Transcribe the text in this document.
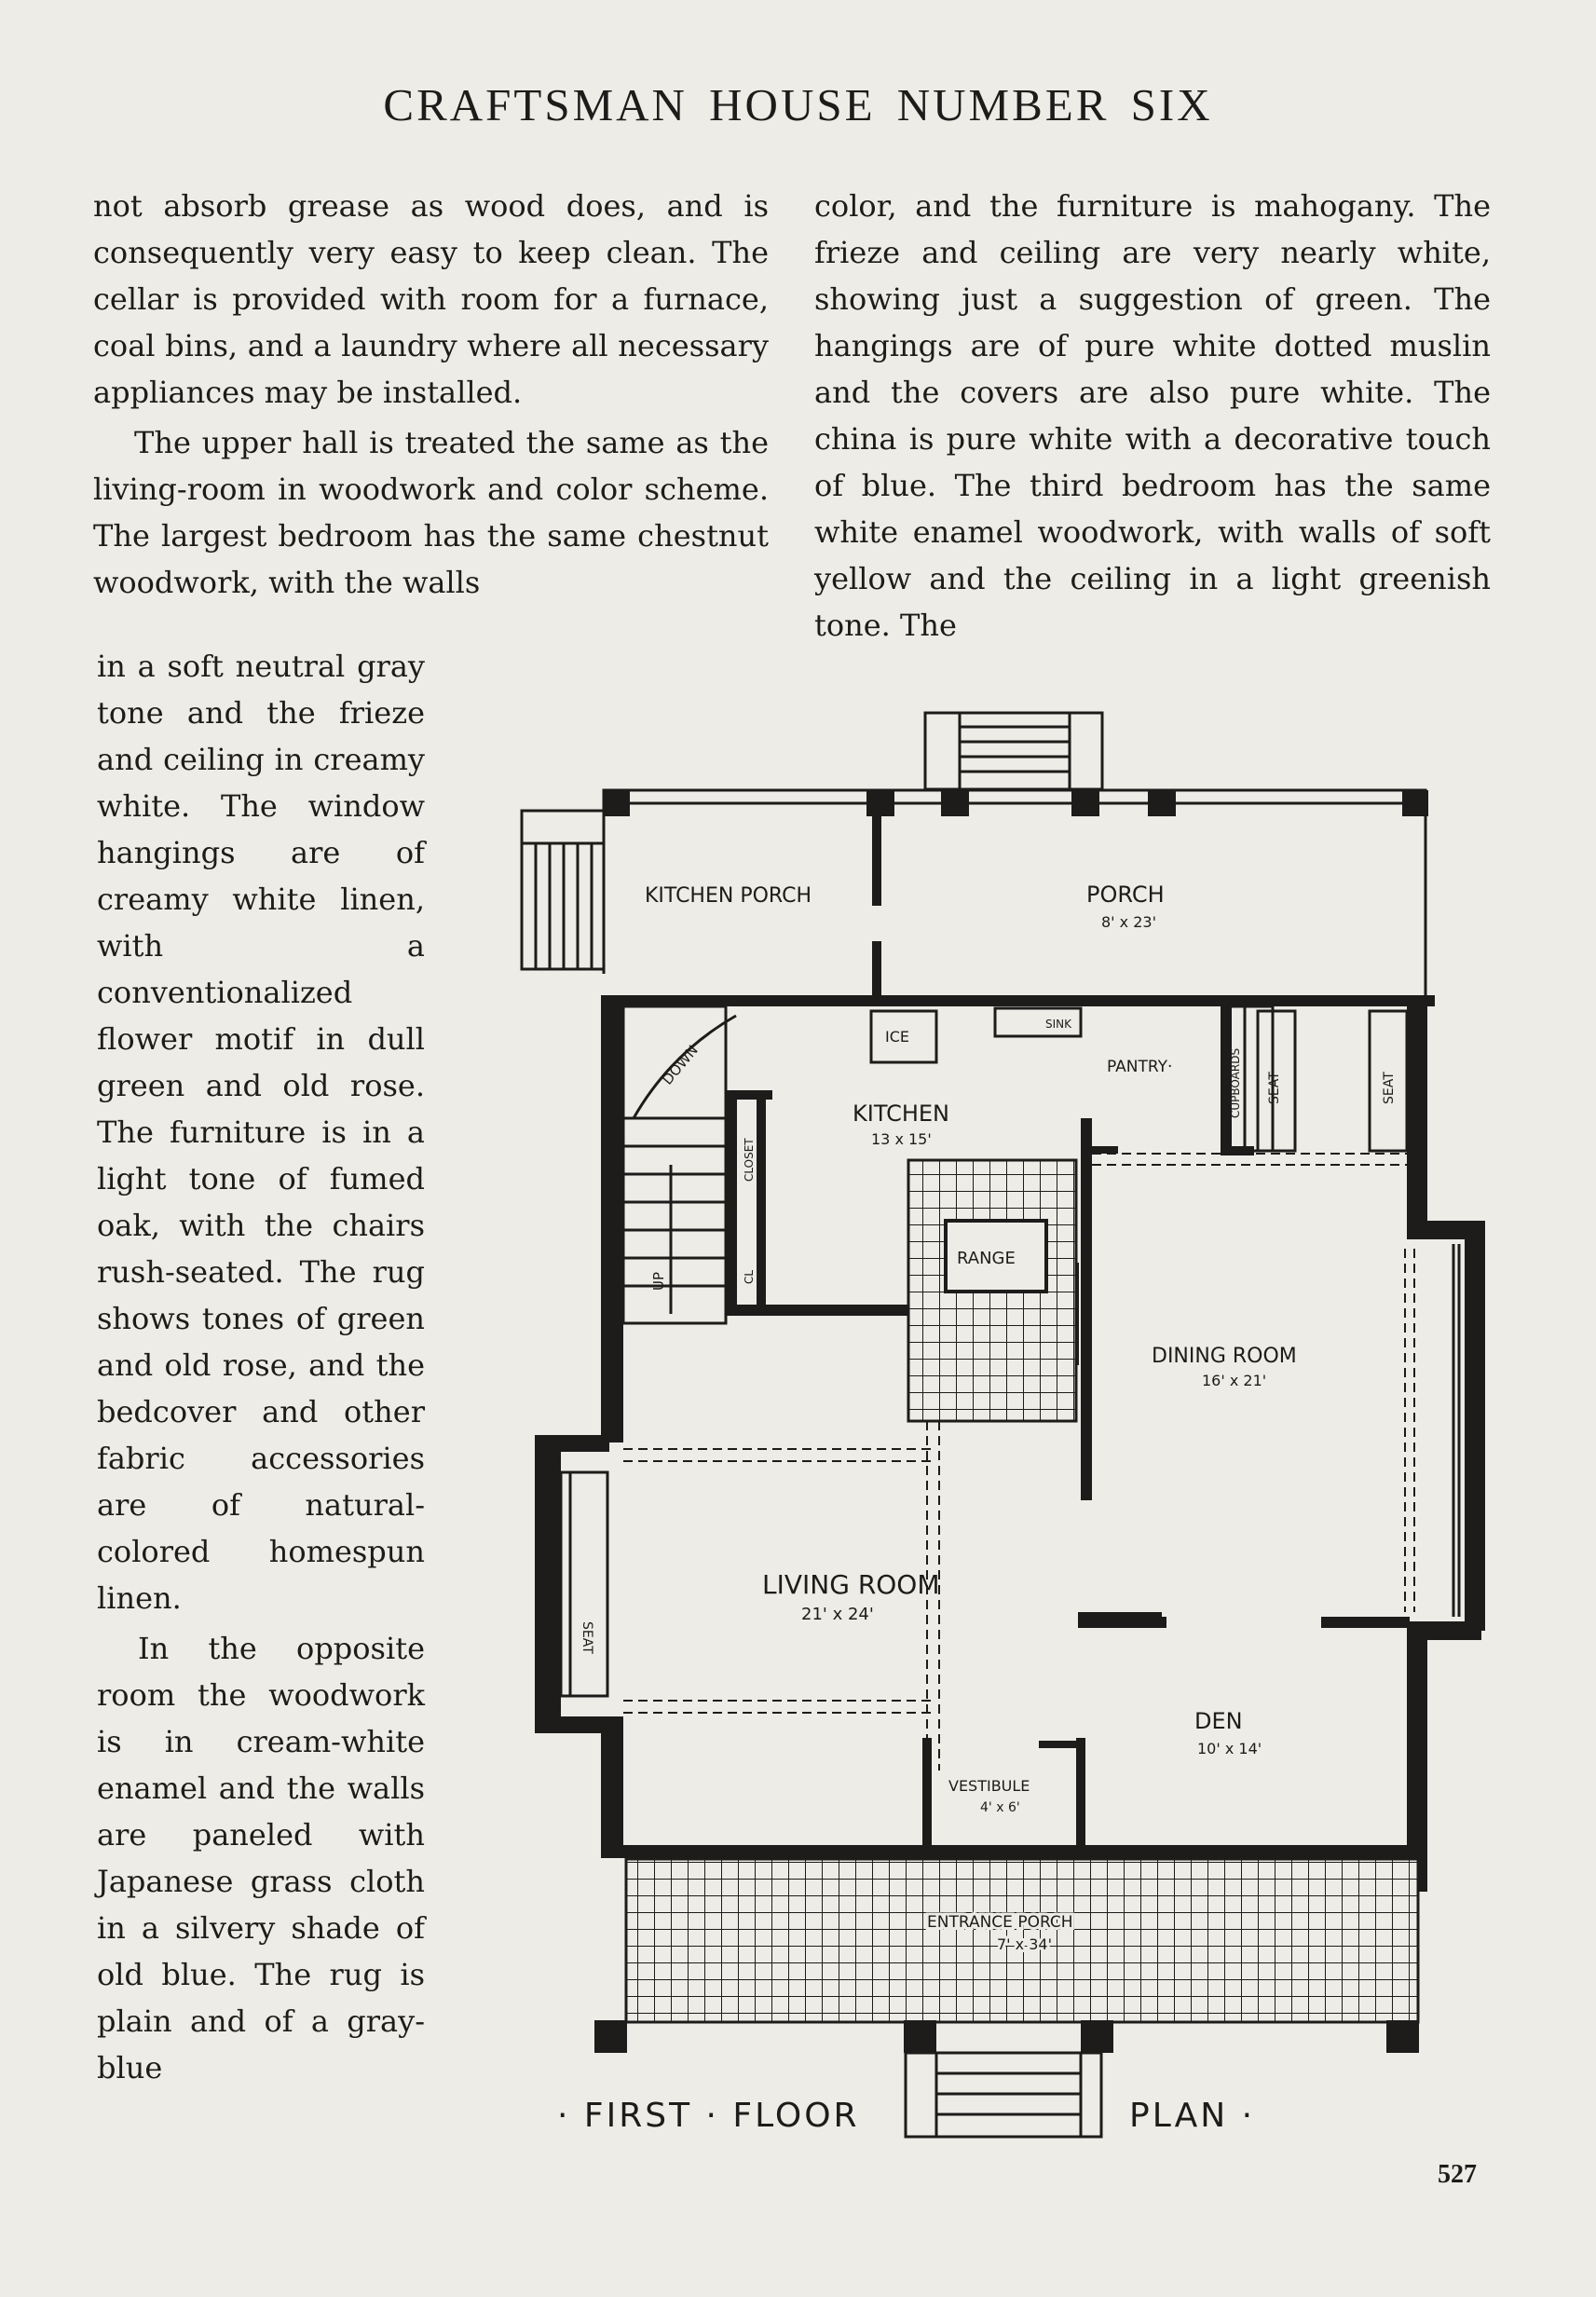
CRAFTSMAN HOUSE NUMBER SIX

not absorb grease as wood does, and is consequently very easy to keep clean. The cellar is provided with room for a furnace, coal bins, and a laundry where all necessary appliances may be installed.

The upper hall is treated the same as the living-room in woodwork and color scheme. The largest bedroom has the same chestnut woodwork, with the walls

color, and the furniture is mahogany. The frieze and ceiling are very nearly white, showing just a suggestion of green. The hangings are of pure white dotted muslin and the covers are also pure white. The china is pure white with a decorative touch of blue. The third bedroom has the same white enamel woodwork, with walls of soft yellow and the ceiling in a light greenish tone. The

in a soft neutral gray tone and the frieze and ceiling in creamy white. The window hangings are of creamy white linen, with a conventionalized flower motif in dull green and old rose. The furniture is in a light tone of fumed oak, with the chairs rush-seated. The rug shows tones of green and old rose, and the bedcover and other fabric accessories are of natural-colored homespun linen.

In the opposite room the woodwork is in cream-white enamel and the walls are paneled with Japanese grass cloth in a silvery shade of old blue. The rug is plain and of a gray-blue

KITCHEN PORCH	PORCH
8' x 23'
ICE
SINK
PANTRY·	CUPBOARDS SEAT	SEAT
DOWN
UP
CLOSET
CL
KITCHEN
13 x 15'
RANGE
DINING ROOM
16' x 21'
LIVING ROOM
21' x 24'
SEAT
DEN
10' x 14'
VESTIBULE
4' x 6'
ENTRANCE PORCH
7' x 34'
· FIRST · FLOOR	PLAN ·
527
